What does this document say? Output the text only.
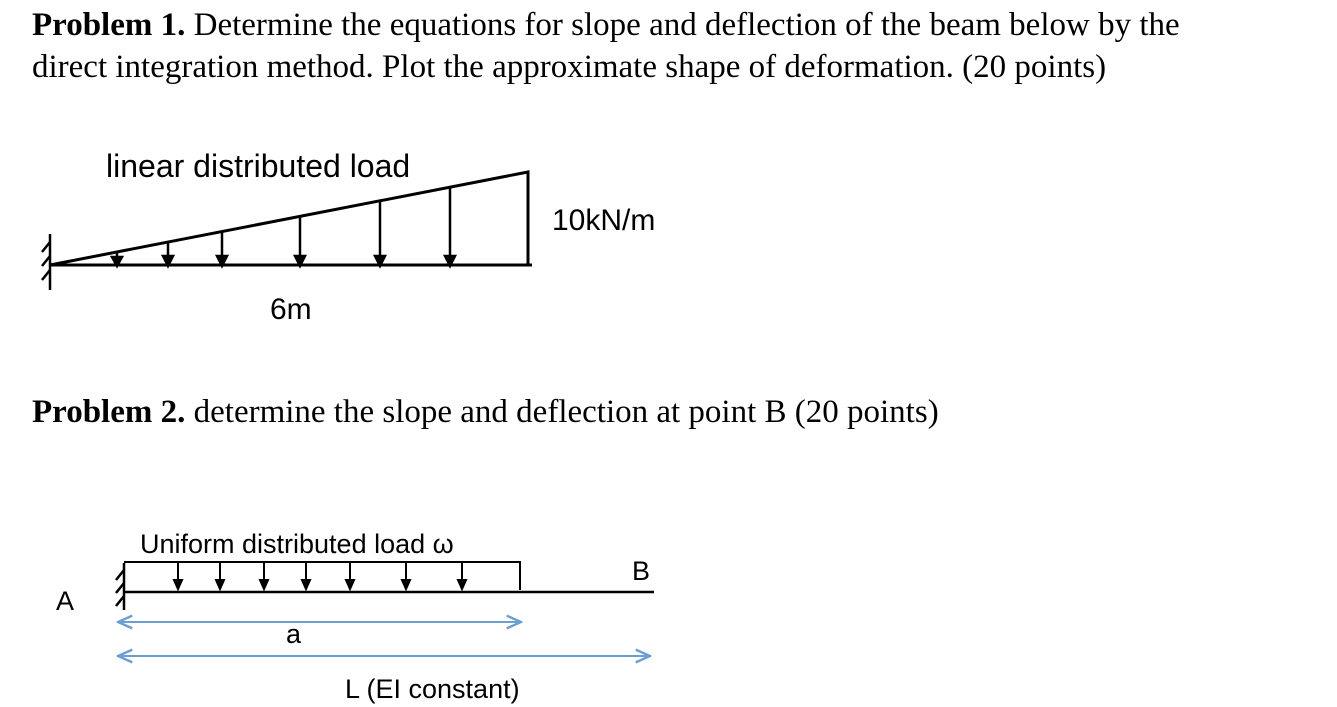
Problem 1. Determine the equations for slope and deflection of the beam below by the
direct integration method. Plot the approximate shape of deformation. (20 points)
Problem 2. determine the slope and deflection at point B (20 points)
linear distributed load
10kN/m
6m
Uniform distributed load ω
A
B
a
L (EI constant)
